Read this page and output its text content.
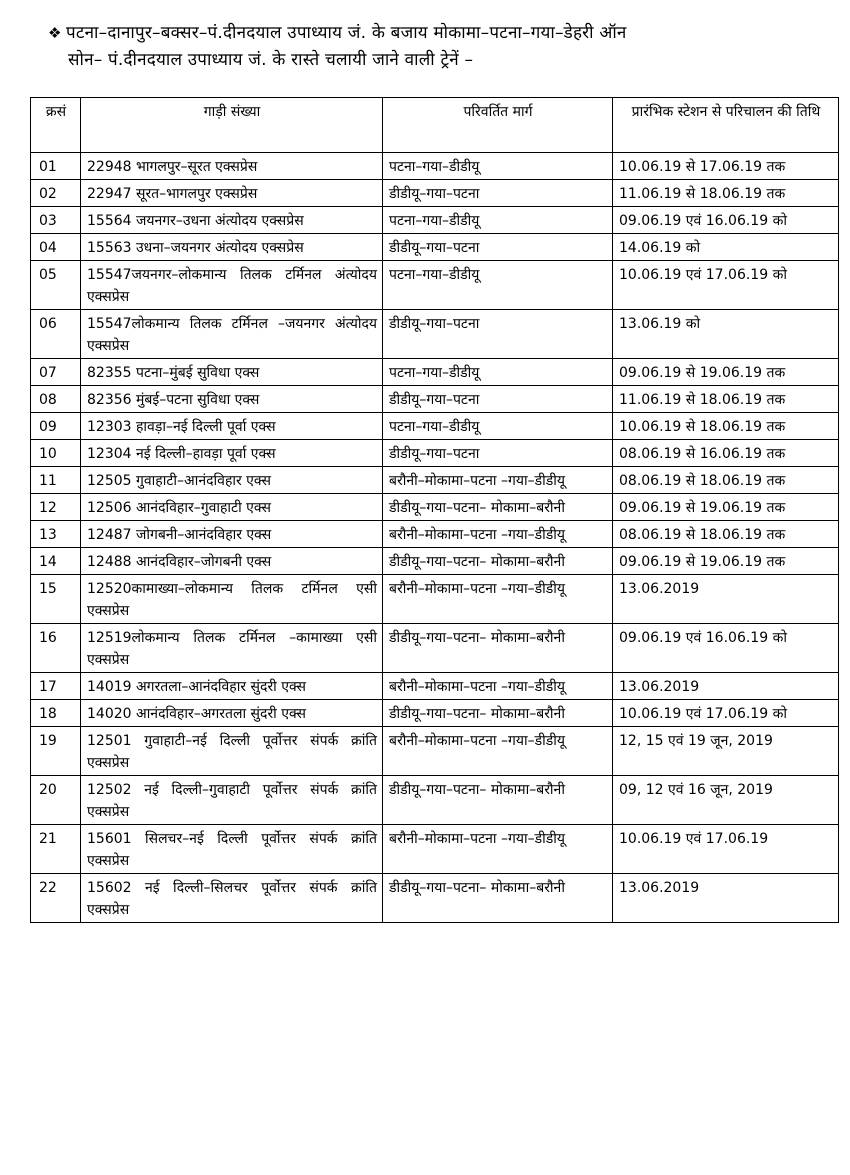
❖ पटना–दानापुर–बक्सर–पं.दीनदयाल उपाध्याय जं. के बजाय मोकामा–पटना–गया–डेहरी ऑन
सोन– पं.दीनदयाल उपाध्याय जं. के रास्ते चलायी जाने वाली ट्रेनें –
क्रसं	गाड़ी संख्या	परिवर्तित मार्ग	प्रारंभिक स्टेशन से परिचालन की तिथि
01	22948 भागलपुर–सूरत एक्सप्रेस	पटना–गया–डीडीयू	10.06.19 से 17.06.19 तक
02	22947 सूरत–भागलपुर एक्सप्रेस	डीडीयू–गया–पटना	11.06.19 से 18.06.19 तक
03	15564 जयनगर–उधना अंत्योदय एक्सप्रेस	पटना–गया–डीडीयू	09.06.19 एवं 16.06.19 को
04	15563 उधना–जयनगर अंत्योदय एक्सप्रेस	डीडीयू–गया–पटना	14.06.19 को
05	15547जयनगर–लोकमान्य तिलक टर्मिनल अंत्योदय एक्सप्रेस	पटना–गया–डीडीयू	10.06.19 एवं 17.06.19 को
06	15547लोकमान्य तिलक टर्मिनल –जयनगर अंत्योदय एक्सप्रेस	डीडीयू–गया–पटना	13.06.19 को
07	82355 पटना–मुंबई सुविधा एक्स	पटना–गया–डीडीयू	09.06.19 से 19.06.19 तक
08	82356 मुंबई–पटना सुविधा एक्स	डीडीयू–गया–पटना	11.06.19 से 18.06.19 तक
09	12303 हावड़ा–नई दिल्ली पूर्वा एक्स	पटना–गया–डीडीयू	10.06.19 से 18.06.19 तक
10	12304 नई दिल्ली–हावड़ा पूर्वा एक्स	डीडीयू–गया–पटना	08.06.19 से 16.06.19 तक
11	12505 गुवाहाटी–आनंदविहार एक्स	बरौनी–मोकामा–पटना –गया–डीडीयू	08.06.19 से 18.06.19 तक
12	12506 आनंदविहार–गुवाहाटी एक्स	डीडीयू–गया–पटना– मोकामा–बरौनी	09.06.19 से 19.06.19 तक
13	12487 जोगबनी–आनंदविहार एक्स	बरौनी–मोकामा–पटना –गया–डीडीयू	08.06.19 से 18.06.19 तक
14	12488 आनंदविहार–जोगबनी एक्स	डीडीयू–गया–पटना– मोकामा–बरौनी	09.06.19 से 19.06.19 तक
15	12520कामाख्या–लोकमान्य तिलक टर्मिनल एसी एक्सप्रेस	बरौनी–मोकामा–पटना –गया–डीडीयू	13.06.2019
16	12519लोकमान्य तिलक टर्मिनल –कामाख्या एसी एक्सप्रेस	डीडीयू–गया–पटना– मोकामा–बरौनी	09.06.19 एवं 16.06.19 को
17	14019 अगरतला–आनंदविहार सुंदरी एक्स	बरौनी–मोकामा–पटना –गया–डीडीयू	13.06.2019
18	14020 आनंदविहार–अगरतला सुंदरी एक्स	डीडीयू–गया–पटना– मोकामा–बरौनी	10.06.19 एवं 17.06.19 को
19	12501 गुवाहाटी–नई दिल्ली पूर्वोत्तर संपर्क क्रांति एक्सप्रेस	बरौनी–मोकामा–पटना –गया–डीडीयू	12, 15 एवं 19 जून, 2019
20	12502 नई दिल्ली–गुवाहाटी पूर्वोत्तर संपर्क क्रांति एक्सप्रेस	डीडीयू–गया–पटना– मोकामा–बरौनी	09, 12 एवं 16 जून, 2019
21	15601 सिलचर–नई दिल्ली पूर्वोत्तर संपर्क क्रांति एक्सप्रेस	बरौनी–मोकामा–पटना –गया–डीडीयू	10.06.19 एवं 17.06.19
22	15602 नई दिल्ली–सिलचर पूर्वोत्तर संपर्क क्रांति एक्सप्रेस	डीडीयू–गया–पटना– मोकामा–बरौनी	13.06.2019
